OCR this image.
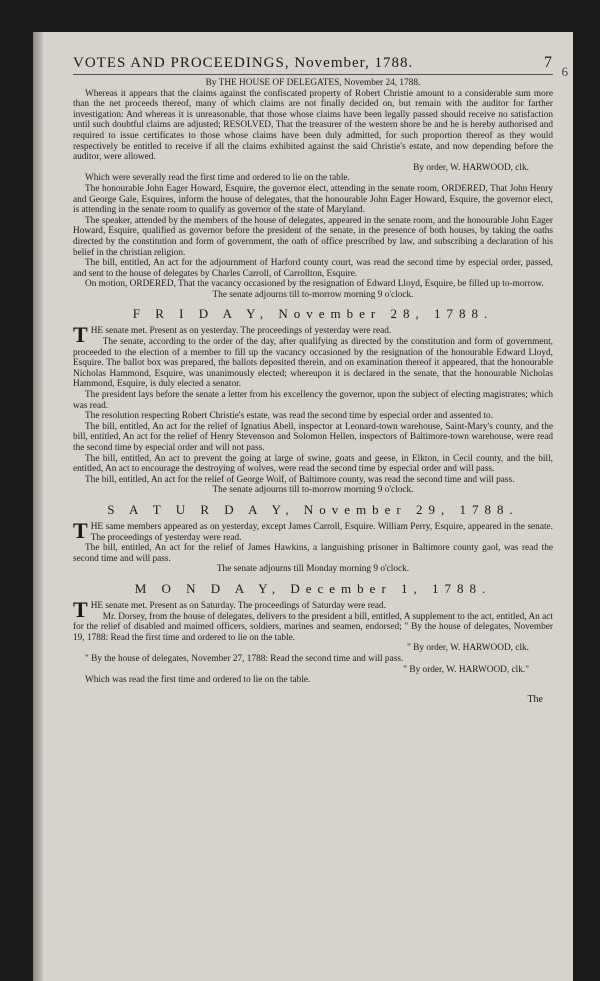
6
VOTES AND PROCEEDINGS, November, 1788.	7

By THE HOUSE OF DELEGATES, November 24, 1788.

Whereas it appears that the claims against the confiscated property of Robert Christie amount to a considerable sum more than the net proceeds thereof, many of which claims are not finally decided on, but remain with the auditor for farther investigation: And whereas it is unreasonable, that those whose claims have been legally passed should receive no satisfaction until such doubtful claims are adjusted; RESOLVED, That the treasurer of the western shore be and he is hereby authorised and required to issue certificates to those whose claims have been duly admitted, for such proportion thereof as they would respectively be entitled to receive if all the claims exhibited against the said Christie's estate, and now depending before the auditor, were allowed.

By order, W. HARWOOD, clk.

Which were severally read the first time and ordered to lie on the table.

The honourable John Eager Howard, Esquire, the governor elect, attending in the senate room, ORDERED, That John Henry and George Gale, Esquires, inform the house of delegates, that the honourable John Eager Howard, Esquire, the governor elect, is attending in the senate room to qualify as governor of the state of Maryland.

The speaker, attended by the members of the house of delegates, appeared in the senate room, and the honourable John Eager Howard, Esquire, qualified as governor before the president of the senate, in the presence of both houses, by taking the oaths directed by the constitution and form of government, the oath of office prescribed by law, and subscribing a declaration of his belief in the christian religion.

The bill, entitled, An act for the adjournment of Harford county court, was read the second time by especial order, passed, and sent to the house of delegates by Charles Carroll, of Carrollton, Esquire.

On motion, ORDERED, That the vacancy occasioned by the resignation of Edward Lloyd, Esquire, be filled up to-morrow.

The senate adjourns till to-morrow morning 9 o'clock.

F R I D A Y, November 28, 1788.

THE senate met. Present as on yesterday. The proceedings of yesterday were read.

The senate, according to the order of the day, after qualifying as directed by the constitution and form of government, proceeded to the election of a member to fill up the vacancy occasioned by the resignation of the honourable Edward Lloyd, Esquire. The ballot box was prepared, the ballots deposited therein, and on examination thereof it appeared, that the honourable Nicholas Hammond, Esquire, was unanimously elected; whereupon it is declared in the senate, that the honourable Nicholas Hammond, Esquire, is duly elected a senator.

The president lays before the senate a letter from his excellency the governor, upon the subject of electing magistrates; which was read.

The resolution respecting Robert Christie's estate, was read the second time by especial order and assented to.

The bill, entitled, An act for the relief of Ignatius Abell, inspector at Leonard-town warehouse, Saint-Mary's county, and the bill, entitled, An act for the relief of Henry Stevenson and Solomon Hellen, inspectors of Baltimore-town warehouse, were read the second time by especial order and will not pass.

The bill, entitled, An act to prevent the going at large of swine, goats and geese, in Elkton, in Cecil county, and the bill, entitled, An act to encourage the destroying of wolves, were read the second time by especial order and will pass.

The bill, entitled, An act for the relief of George Wolf, of Baltimore county, was read the second time and will pass.

The senate adjourns till to-morrow morning 9 o'clock.

S A T U R D A Y, November 29, 1788.

THE same members appeared as on yesterday, except James Carroll, Esquire. William Perry, Esquire, appeared in the senate. The proceedings of yesterday were read.

The bill, entitled, An act for the relief of James Hawkins, a languishing prisoner in Baltimore county gaol, was read the second time and will pass.

The senate adjourns till Monday morning 9 o'clock.

M O N D A Y, December 1, 1788.

THE senate met. Present as on Saturday. The proceedings of Saturday were read.

Mr. Dorsey, from the house of delegates, delivers to the president a bill, entitled, A supplement to the act, entitled, An act for the relief of disabled and maimed officers, soldiers, marines and seamen, endorsed; " By the house of delegates, November 19, 1788: Read the first time and ordered to lie on the table.

" By order, W. HARWOOD, clk.

" By the house of delegates, November 27, 1788: Read the second time and will pass.

" By order, W. HARWOOD, clk."

Which was read the first time and ordered to lie on the table.

The
